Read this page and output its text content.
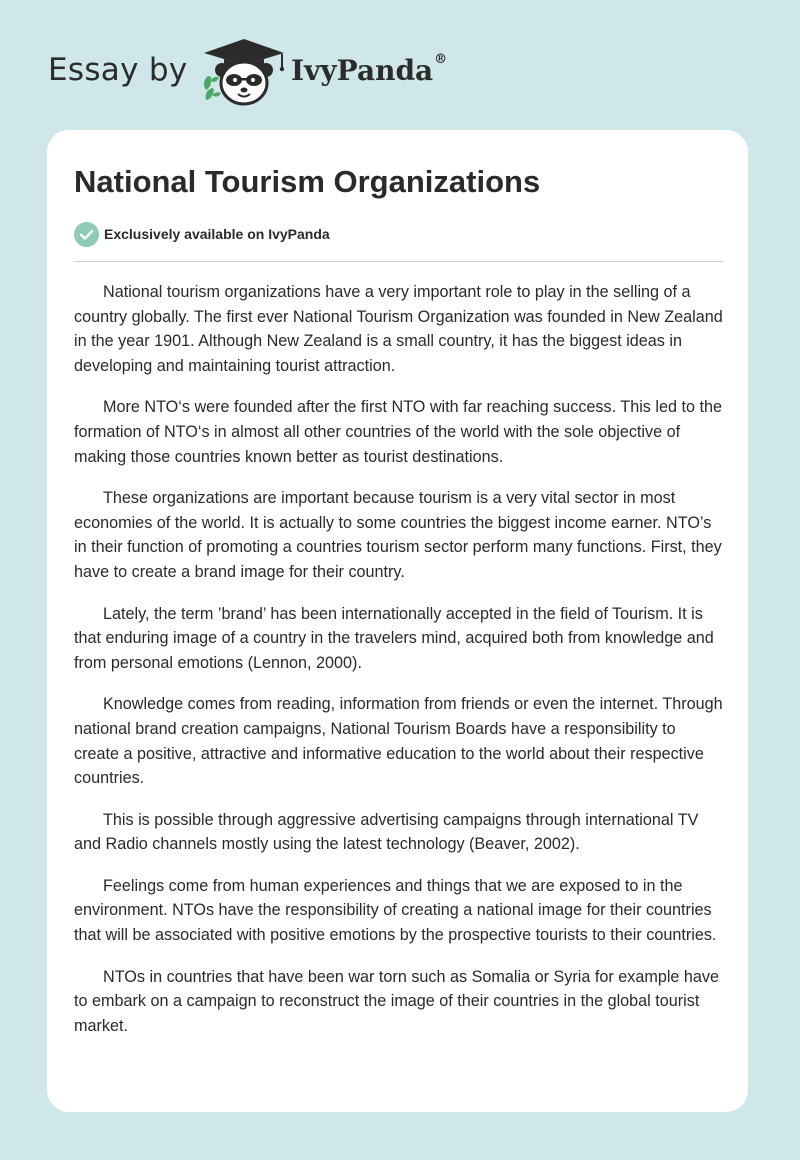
Essay by	IvyPanda®
National Tourism Organizations
Exclusively available on IvyPanda

National tourism organizations have a very important role to play in the selling of a country globally. The first ever National Tourism Organization was founded in New Zealand in the year 1901. Although New Zealand is a small country, it has the biggest ideas in developing and maintaining tourist attraction.

More NTO‘s were founded after the first NTO with far reaching success. This led to the formation of NTO‘s in almost all other countries of the world with the sole objective of making those countries known better as tourist destinations.

These organizations are important because tourism is a very vital sector in most economies of the world. It is actually to some countries the biggest income earner. NTO’s in their function of promoting a countries tourism sector perform many functions. First, they have to create a brand image for their country.

Lately, the term ’brand’ has been internationally accepted in the field of Tourism. It is that enduring image of a country in the travelers mind, acquired both from knowledge and from personal emotions (Lennon, 2000).

Knowledge comes from reading, information from friends or even the internet. Through national brand creation campaigns, National Tourism Boards have a responsibility to create a positive, attractive and informative education to the world about their respective countries.

This is possible through aggressive advertising campaigns through international TV and Radio channels mostly using the latest technology (Beaver, 2002).

Feelings come from human experiences and things that we are exposed to in the environment. NTOs have the responsibility of creating a national image for their countries that will be associated with positive emotions by the prospective tourists to their countries.

NTOs in countries that have been war torn such as Somalia or Syria for example have to embark on a campaign to reconstruct the image of their countries in the global tourist market.
